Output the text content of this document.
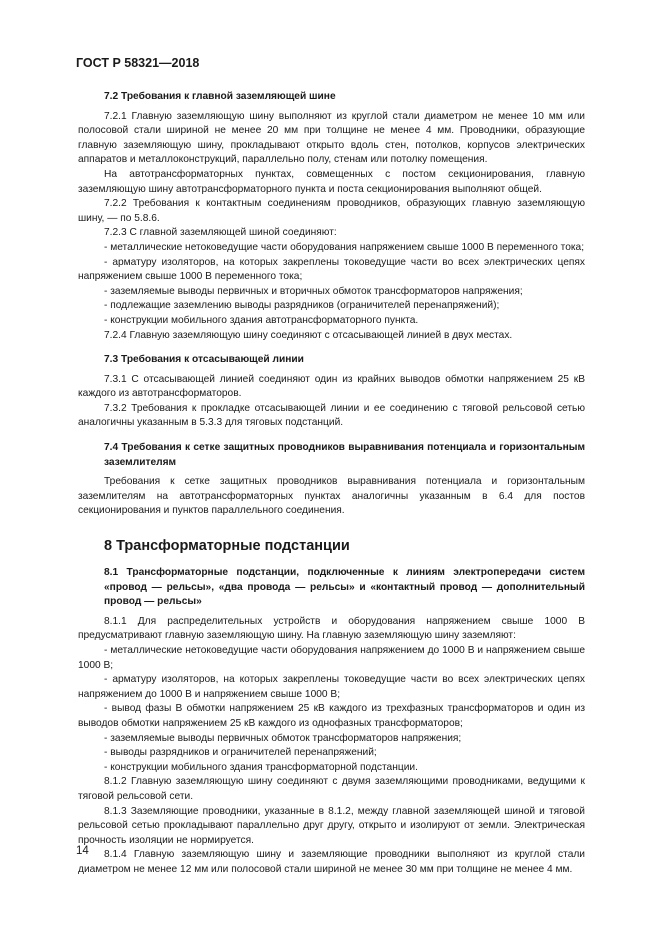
ГОСТ Р 58321—2018

7.2 Требования к главной заземляющей шине

7.2.1 Главную заземляющую шину выполняют из круглой стали диаметром не менее 10 мм или полосовой стали шириной не менее 20 мм при толщине не менее 4 мм. Проводники, образующие главную заземляющую шину, прокладывают открыто вдоль стен, потолков, корпусов электрических аппаратов и металлоконструкций, параллельно полу, стенам или потолку помещения.

На автотрансформаторных пунктах, совмещенных с постом секционирования, главную заземляющую шину автотрансформаторного пункта и поста секционирования выполняют общей.

7.2.2 Требования к контактным соединениям проводников, образующих главную заземляющую шину, — по 5.8.6.

7.2.3 С главной заземляющей шиной соединяют:

- металлические нетоковедущие части оборудования напряжением свыше 1000 В переменного тока;

- арматуру изоляторов, на которых закреплены токоведущие части во всех электрических цепях напряжением свыше 1000 В переменного тока;

- заземляемые выводы первичных и вторичных обмоток трансформаторов напряжения;

- подлежащие заземлению выводы разрядников (ограничителей перенапряжений);

- конструкции мобильного здания автотрансформаторного пункта.

7.2.4 Главную заземляющую шину соединяют с отсасывающей линией в двух местах.

7.3 Требования к отсасывающей линии

7.3.1 С отсасывающей линией соединяют один из крайних выводов обмотки напряжением 25 кВ каждого из автотрансформаторов.

7.3.2 Требования к прокладке отсасывающей линии и ее соединению с тяговой рельсовой сетью аналогичны указанным в 5.3.3 для тяговых подстанций.

7.4 Требования к сетке защитных проводников выравнивания потенциала и горизонтальным заземлителям

Требования к сетке защитных проводников выравнивания потенциала и горизонтальным заземлителям на автотрансформаторных пунктах аналогичны указанным в 6.4 для постов секционирования и пунктов параллельного соединения.

8 Трансформаторные подстанции

8.1 Трансформаторные подстанции, подключенные к линиям электропередачи систем «провод — рельсы», «два провода — рельсы» и «контактный провод — дополнительный провод — рельсы»

8.1.1 Для распределительных устройств и оборудования напряжением свыше 1000 В предусматривают главную заземляющую шину. На главную заземляющую шину заземляют:

- металлические нетоковедущие части оборудования напряжением до 1000 В и напряжением свыше 1000 В;

- арматуру изоляторов, на которых закреплены токоведущие части во всех электрических цепях напряжением до 1000 В и напряжением свыше 1000 В;

- вывод фазы В обмотки напряжением 25 кВ каждого из трехфазных трансформаторов и один из выводов обмотки напряжением 25 кВ каждого из однофазных трансформаторов;

- заземляемые выводы первичных обмоток трансформаторов напряжения;

- выводы разрядников и ограничителей перенапряжений;

- конструкции мобильного здания трансформаторной подстанции.

8.1.2 Главную заземляющую шину соединяют с двумя заземляющими проводниками, ведущими к тяговой рельсовой сети.

8.1.3 Заземляющие проводники, указанные в 8.1.2, между главной заземляющей шиной и тяговой рельсовой сетью прокладывают параллельно друг другу, открыто и изолируют от земли. Электрическая прочность изоляции не нормируется.

8.1.4 Главную заземляющую шину и заземляющие проводники выполняют из круглой стали диаметром не менее 12 мм или полосовой стали шириной не менее 30 мм при толщине не менее 4 мм.

14
